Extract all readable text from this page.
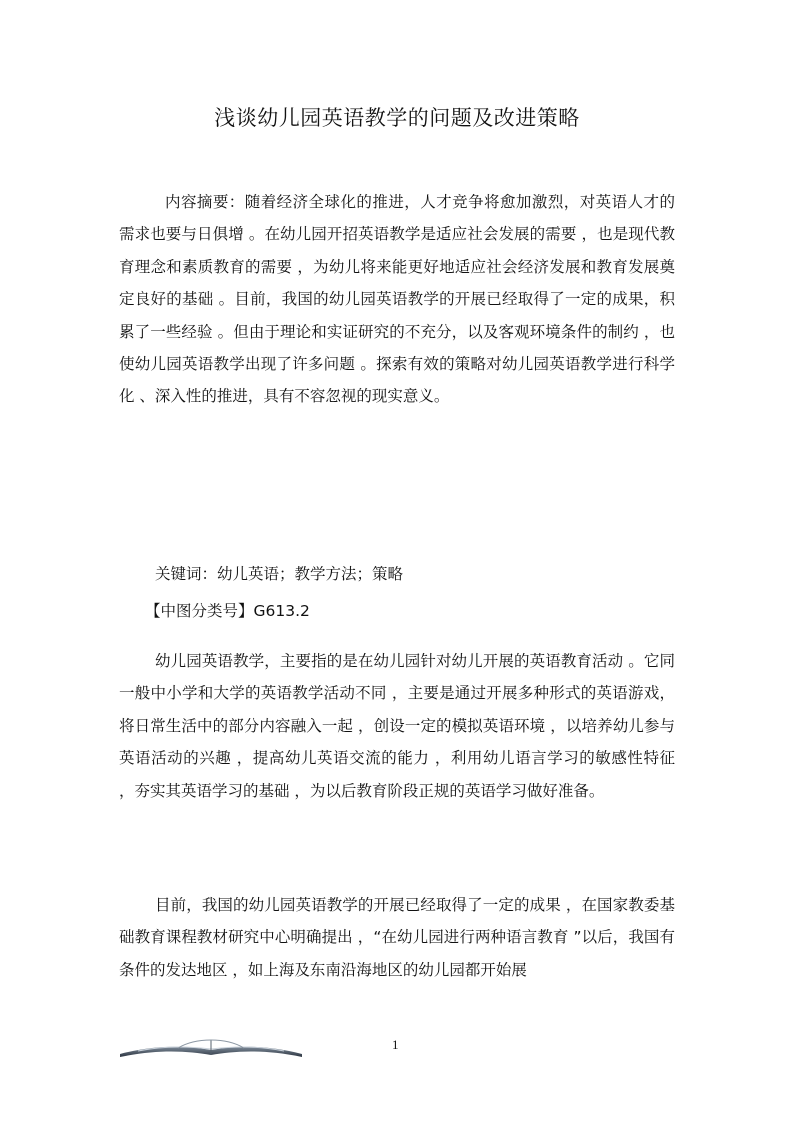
浅谈幼儿园英语教学的问题及改进策略

内容摘要：随着经济全球化的推进，人才竞争将愈加激烈，对英语人才的需求也要与日俱增 。在幼儿园开招英语教学是适应社会发展的需要 ，也是现代教育理念和素质教育的需要 ，为幼儿将来能更好地适应社会经济发展和教育发展奠定良好的基础 。目前，我国的幼儿园英语教学的开展已经取得了一定的成果，积累了一些经验 。但由于理论和实证研究的不充分，以及客观环境条件的制约 ，也使幼儿园英语教学出现了许多问题 。探索有效的策略对幼儿园英语教学进行科学化 、深入性的推进，具有不容忽视的现实意义。

关键词：幼儿英语；教学方法；策略

【中图分类号】G613.2

幼儿园英语教学，主要指的是在幼儿园针对幼儿开展的英语教育活动 。它同一般中小学和大学的英语教学活动不同 ，主要是通过开展多种形式的英语游戏，将日常生活中的部分内容融入一起 ，创设一定的模拟英语环境 ，以培养幼儿参与英语活动的兴趣 ，提高幼儿英语交流的能力 ，利用幼儿语言学习的敏感性特征 ，夯实其英语学习的基础 ，为以后教育阶段正规的英语学习做好准备。

目前，我国的幼儿园英语教学的开展已经取得了一定的成果 ，在国家教委基础教育课程教材研究中心明确提出 ，“在幼儿园进行两种语言教育 ”以后，我国有条件的发达地区 ，如上海及东南沿海地区的幼儿园都开始展

1
